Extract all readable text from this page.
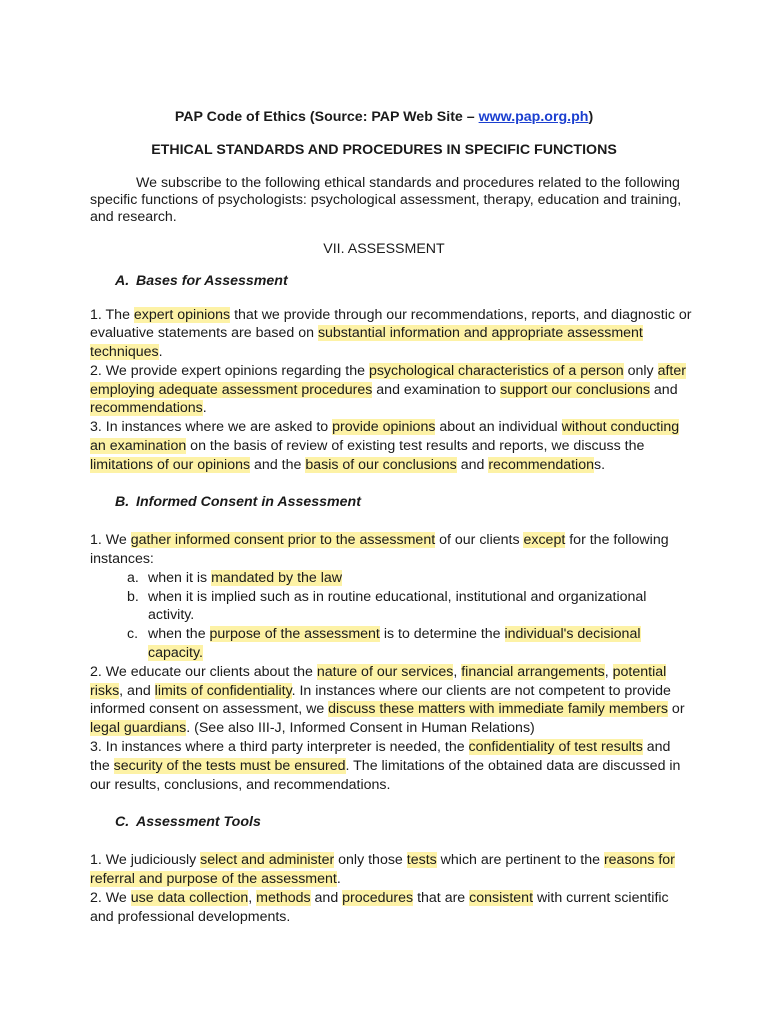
PAP Code of Ethics (Source: PAP Web Site – www.pap.org.ph)
ETHICAL STANDARDS AND PROCEDURES IN SPECIFIC FUNCTIONS
We subscribe to the following ethical standards and procedures related to the following
specific functions of psychologists: psychological assessment, therapy, education and training,
and research.
VII. ASSESSMENT
A. Bases for Assessment
1. The expert opinions that we provide through our recommendations, reports, and diagnostic or
evaluative statements are based on substantial information and appropriate assessment
techniques.
2. We provide expert opinions regarding the psychological characteristics of a person only after
employing adequate assessment procedures and examination to support our conclusions and
recommendations.
3. In instances where we are asked to provide opinions about an individual without conducting
an examination on the basis of review of existing test results and reports, we discuss the
limitations of our opinions and the basis of our conclusions and recommendations.
B. Informed Consent in Assessment
1. We gather informed consent prior to the assessment of our clients except for the following
instances:
a. when it is mandated by the law
b. when it is implied such as in routine educational, institutional and organizational
activity.
c. when the purpose of the assessment is to determine the individual's decisional
capacity.
2. We educate our clients about the nature of our services, financial arrangements, potential
risks, and limits of confidentiality. In instances where our clients are not competent to provide
informed consent on assessment, we discuss these matters with immediate family members or
legal guardians. (See also III-J, Informed Consent in Human Relations)
3. In instances where a third party interpreter is needed, the confidentiality of test results and
the security of the tests must be ensured. The limitations of the obtained data are discussed in
our results, conclusions, and recommendations.
C. Assessment Tools
1. We judiciously select and administer only those tests which are pertinent to the reasons for
referral and purpose of the assessment.
2. We use data collection, methods and procedures that are consistent with current scientific
and professional developments.
